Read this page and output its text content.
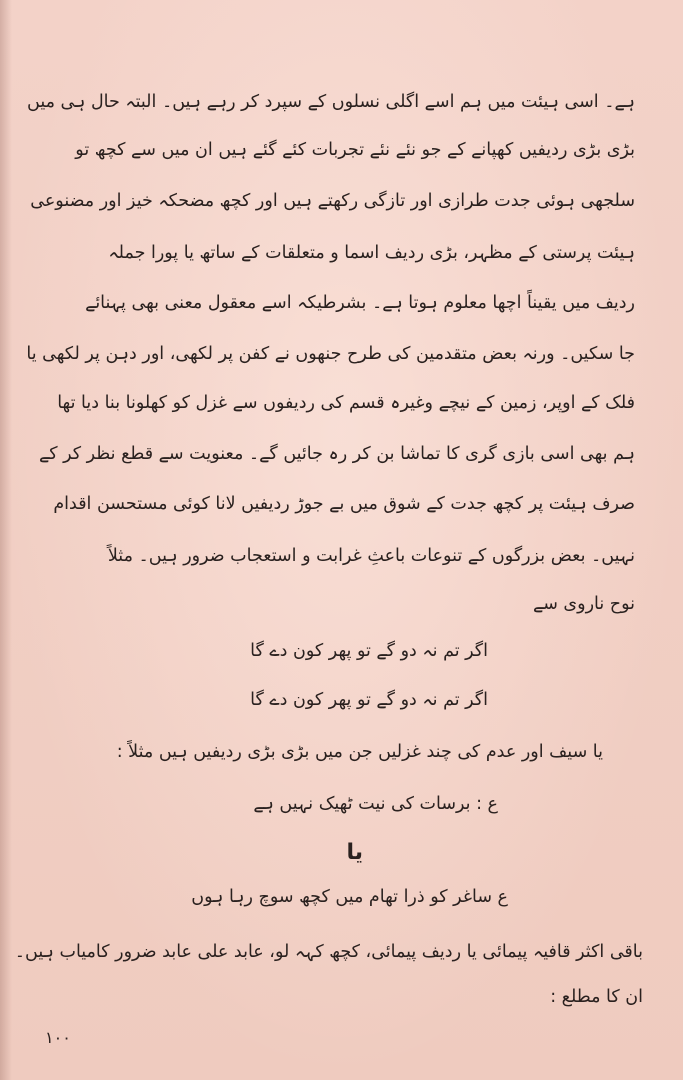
ہے۔ اسی ہیئت میں ہم اسے اگلی نسلوں کے سپرد کر رہے ہیں۔ البتہ حال ہی میں
بڑی بڑی ردیفیں کھپانے کے جو نئے نئے تجربات کئے گئے ہیں ان میں سے کچھ تو
سلجھی ہوئی جدت طرازی اور تازگی رکھتے ہیں اور کچھ مضحکہ خیز اور مضنوعی
ہیئت پرستی کے مظہر، بڑی ردیف اسما و متعلقات کے ساتھ یا پورا جملہ
ردیف میں یقیناً اچھا معلوم ہوتا ہے۔ بشرطیکہ اسے معقول معنی بھی پہنائے
جا سکیں۔ ورنہ بعض متقدمین کی طرح جنھوں نے کفن پر لکھی، اور دہن پر لکھی یا
فلک کے اوپر، زمین کے نیچے وغیرہ قسم کی ردیفوں سے غزل کو کھلونا بنا دیا تھا
ہم بھی اسی بازی گری کا تماشا بن کر رہ جائیں گے۔ معنویت سے قطع نظر کر کے
صرف ہیئت پر کچھ جدت کے شوق میں بے جوڑ ردیفیں لانا کوئی مستحسن اقدام
نہیں۔ بعض بزرگوں کے تنوعات باعثِ غرابت و استعجاب ضرور ہیں۔ مثلاً
نوح ناروی سے
اگر تم نہ دو گے تو پھر کون دے گا
اگر تم نہ دو گے تو پھر کون دے گا
یا سیف اور عدم کی چند غزلیں جن میں بڑی بڑی ردیفیں ہیں مثلاً :
ع : برسات کی نیت ٹھیک نہیں ہے
یا
ع ساغر کو ذرا تھام میں کچھ سوچ رہا ہوں
باقی اکثر قافیہ پیمائی یا ردیف پیمائی، کچھ کہہ لو، عابد علی عابد ضرور کامیاب ہیں۔
ان کا مطلع :
۱۰۰
